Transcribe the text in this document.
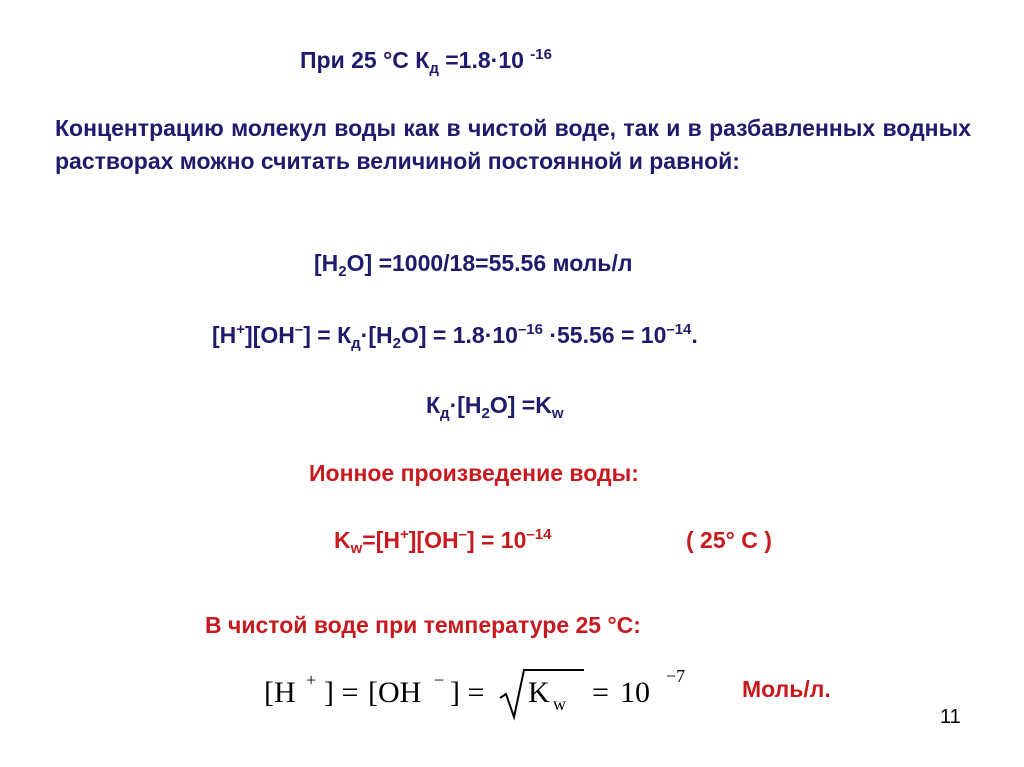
При 25 °С $К_д =1.8\cdot 10$ $^{-16}$

Концентрацию молекул воды как в чистой воде, так и в разбавленных водных растворах можно считать величиной постоянной и равной:

$[H_2O] =1000/18=55.56$ моль/л
$[H^+][OH^-] = К_д\cdot[H_2O] = 1.8\cdot 10^{-16} \cdot 55.56 = 10^{-14}$.
$К_д\cdot[H_2O] =K_w$
Ионное произведение воды:
$K_w=[H^+][OH^-] = 10^{-14}$	( 25° С )
В чистой воде при температуре 25 °С:
[H + ] = [OH − ] = K w = 10 −7 Моль/л.
11
